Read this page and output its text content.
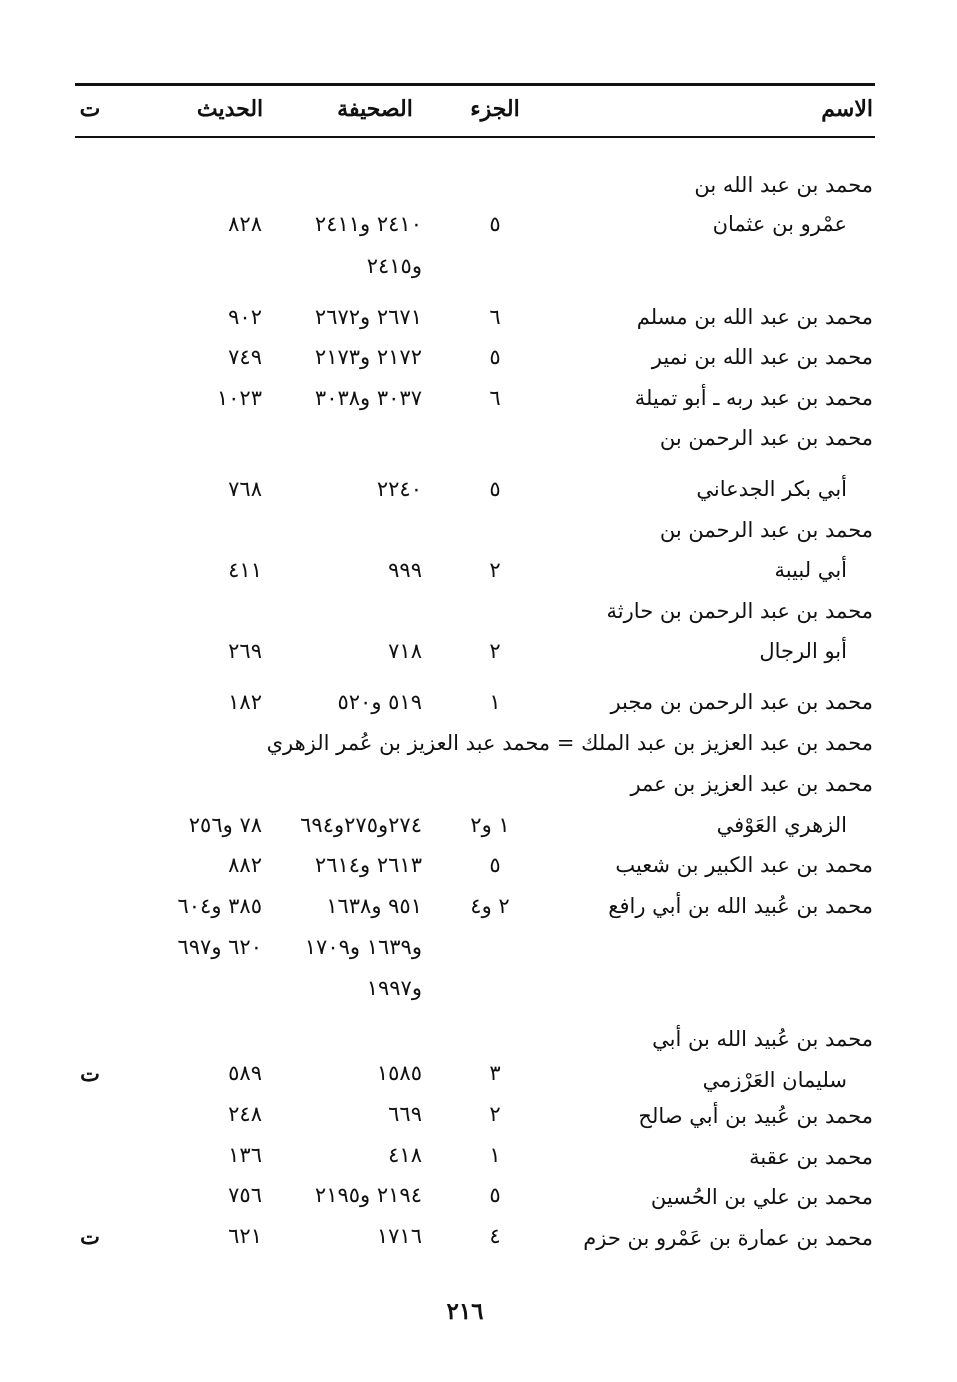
الاسم
الجزء
الصحيفة
الحديث
ت
محمد بن عبد الله بن
عمْرو بن عثمان
٥
٢٤١٠ و٢٤١١
٨٢٨
و٢٤١٥
محمد بن عبد الله بن مسلم
٦
٢٦٧١ و٢٦٧٢
٩٠٢
محمد بن عبد الله بن نمير
٥
٢١٧٢ و٢١٧٣
٧٤٩
محمد بن عبد ربه ـ أبو تميلة
٦
٣٠٣٧ و٣٠٣٨
١٠٢٣
محمد بن عبد الرحمن بن
أبي بكر الجدعاني
٥
٢٢٤٠
٧٦٨
محمد بن عبد الرحمن بن
أبي لبيبة
٢
٩٩٩
٤١١
محمد بن عبد الرحمن بن حارثة
أبو الرجال
٢
٧١٨
٢٦٩
محمد بن عبد الرحمن بن مجبر
١
٥١٩ و٥٢٠
١٨٢
محمد بن عبد العزيز بن عبد الملك = محمد عبد العزيز بن عُمر الزهري
محمد بن عبد العزيز بن عمر
الزهري العَوْفي
١ و٢
٢٧٤و٢٧٥و٦٩٤
٧٨ و٢٥٦
محمد بن عبد الكبير بن شعيب
٥
٢٦١٣ و٢٦١٤
٨٨٢
محمد بن عُبيد الله بن أبي رافع
٢ و٤
٩٥١ و١٦٣٨
٣٨٥ و٦٠٤
و١٦٣٩ و١٧٠٩
٦٢٠ و٦٩٧
و١٩٩٧
محمد بن عُبيد الله بن أبي
سليمان العَرْزمي
٣
١٥٨٥
٥٨٩
ت
محمد بن عُبيد بن أبي صالح
٢
٦٦٩
٢٤٨
محمد بن عقبة
١
٤١٨
١٣٦
محمد بن علي بن الحُسين
٥
٢١٩٤ و٢١٩٥
٧٥٦
محمد بن عمارة بن عَمْرو بن حزم
٤
١٧١٦
٦٢١
ت
٢١٦
